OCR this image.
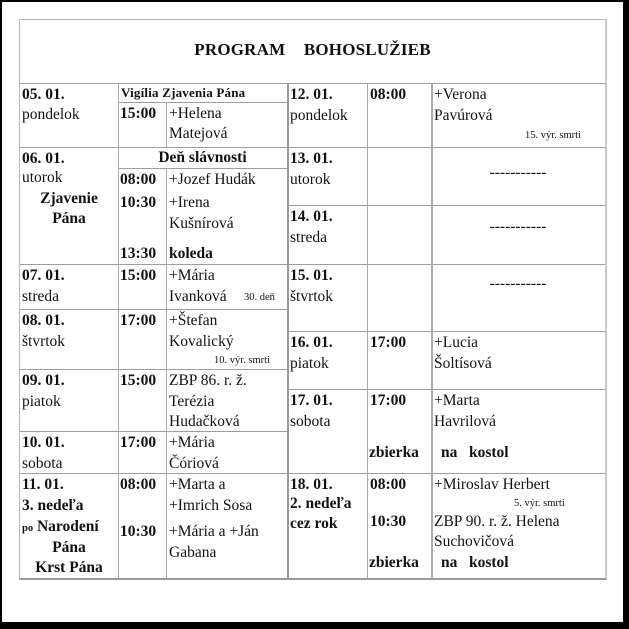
PROGRAM BOHOSLUŽIEB
05. 01.
pondelok
Vigília Zjavenia Pána
15:00 +Helena
Matejová
06. 01.
utorok
Zjavenie
Pána
Deň slávnosti
08:00 +Jozef Hudák
10:30 +Irena
Kušnírová
13:30 koleda
07. 01.
streda
15:00 +Mária
Ivanková 30. deň
08. 01.
štvrtok
17:00 +Štefan
Kovalický
10. výr. smrti
09. 01.
piatok
15:00 ZBP 86. r. ž.
Terézia
Hudačková
10. 01.
sobota
17:00 +Mária
Čóriová
11. 01.
3. nedeľa
po Narodení
Pána
Krst Pána
08:00 +Marta a
+Imrich Sosa
10:30 +Mária a +Ján
Gabana
12. 01.
pondelok
08:00 +Verona
Pavúrová
15. výr. smrti
13. 01.
utorok	-----------
14. 01.
streda
-----------
15. 01.
štvrtok
-----------
16. 01.
piatok
17:00 +Lucia
Šoltísová
17. 01.
sobota
17:00 +Marta
Havrilová
zbierka na   kostol
18. 01.
2. nedeľa
cez rok
08:00 +Miroslav Herbert
5. výr. smrti
10:30 ZBP 90. r. ž. Helena
Suchovičová
zbierka na   kostol
